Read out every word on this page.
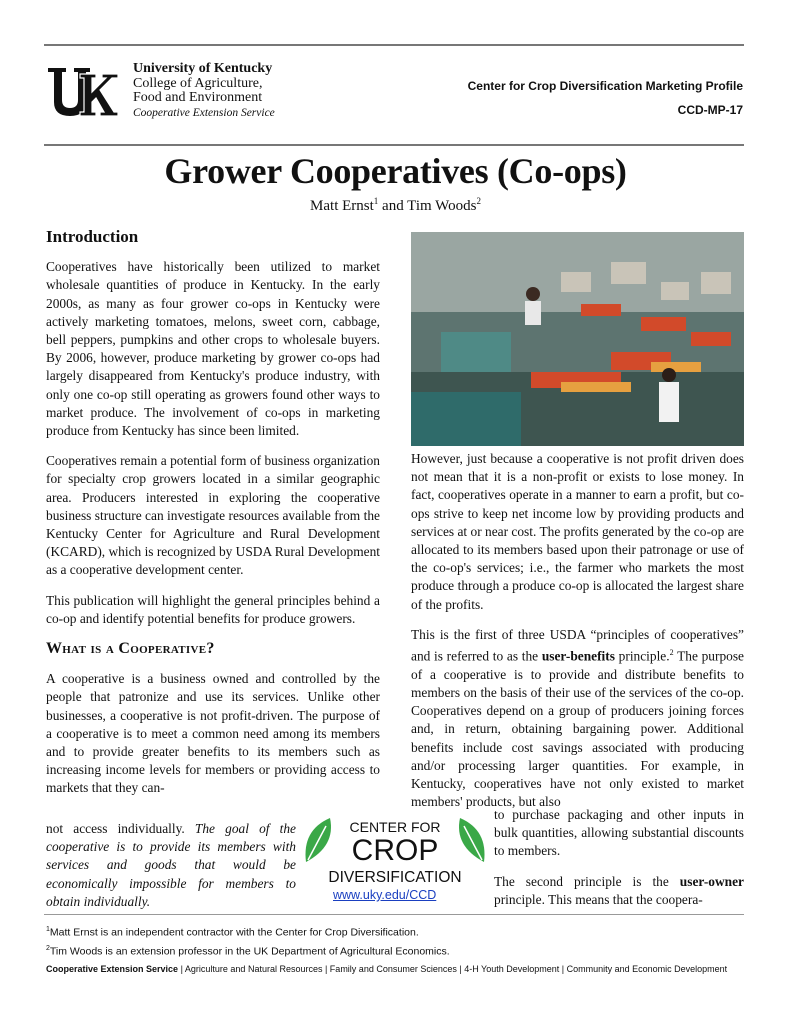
University of Kentucky
College of Agriculture,
Food and Environment
Cooperative Extension Service
Center for Crop Diversification Marketing Profile
CCD-MP-17
Grower Cooperatives (Co-ops)
Matt Ernst$^1$ and Tim Woods$^2$

Introduction

Cooperatives have historically been utilized to market wholesale quantities of produce in Kentucky. In the early 2000s, as many as four grower co-ops in Kentucky were actively marketing tomatoes, melons, sweet corn, cabbage, bell peppers, pumpkins and other crops to wholesale buyers. By 2006, however, produce marketing by grower co-ops had largely disappeared from Kentucky's produce industry, with only one co-op still operating as growers found other ways to market produce. The involvement of co-ops in marketing produce from Kentucky has since been limited.

Cooperatives remain a potential form of business organization for specialty crop growers located in a similar geographic area. Producers interested in exploring the cooperative business structure can investigate resources available from the Kentucky Center for Agriculture and Rural Development (KCARD), which is recognized by USDA Rural Development as a cooperative development center.

This publication will highlight the general principles behind a co-op and identify potential benefits for produce growers.

What is a Cooperative?

A cooperative is a business owned and controlled by the people that patronize and use its services. Unlike other businesses, a cooperative is not profit-driven. The purpose of a cooperative is to meet a common need among its members and to provide greater benefits to its members such as increasing income levels for members or providing access to markets that they can-

not access individually. The goal of the cooperative is to provide its members with services and goods that would be economically impossible for members to obtain individually.

However, just because a cooperative is not profit driven does not mean that it is a non-profit or exists to lose money. In fact, cooperatives operate in a manner to earn a profit, but co-ops strive to keep net income low by providing products and services at or near cost. The profits generated by the co-op are allocated to its members based upon their patronage or use of the co-op's services; i.e., the farmer who markets the most produce through a produce co-op is allocated the largest share of the profits.

This is the first of three USDA “principles of cooperatives” and is referred to as the user-benefits principle.$^2$ The purpose of a cooperative is to provide and distribute benefits to members on the basis of their use of the services of the co-op. Cooperatives depend on a group of producers joining forces and, in return, obtaining bargaining power. Additional benefits include cost savings associated with producing and/or processing larger quantities. For example, in Kentucky, cooperatives have not only existed to market members' products, but also

to purchase packaging and other inputs in bulk quantities, allowing substantial discounts to members.

The second principle is the user-owner principle. This means that the coopera-

CENTER FOR
CROP
DIVERSIFICATION
www.uky.edu/CCD
$^1$Matt Ernst is an independent contractor with the Center for Crop Diversification.
$^2$Tim Woods is an extension professor in the UK Department of Agricultural Economics.
Cooperative Extension Service | Agriculture and Natural Resources | Family and Consumer Sciences | 4-H Youth Development | Community and Economic Development
